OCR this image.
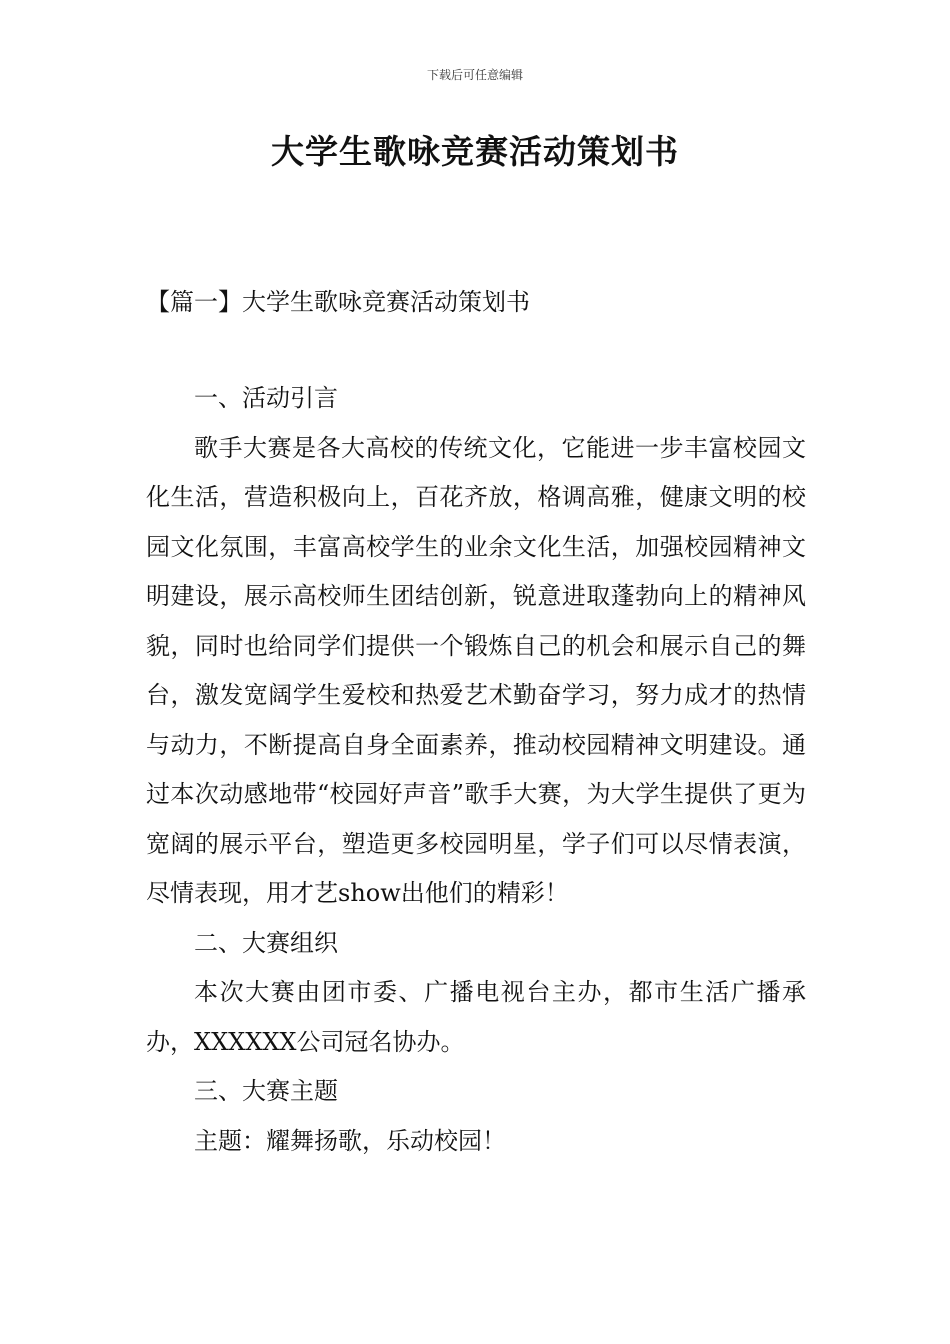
下载后可任意编辑
大学生歌咏竞赛活动策划书
【篇一】大学生歌咏竞赛活动策划书

一、活动引言

歌手大赛是各大高校的传统文化，它能进一步丰富校园文化生活，营造积极向上，百花齐放，格调高雅，健康文明的校园文化氛围，丰富高校学生的业余文化生活，加强校园精神文明建设，展示高校师生团结创新，锐意进取蓬勃向上的精神风貌，同时也给同学们提供一个锻炼自己的机会和展示自己的舞台，激发宽阔学生爱校和热爱艺术勤奋学习，努力成才的热情与动力，不断提高自身全面素养，推动校园精神文明建设。通过本次动感地带“校园好声音”歌手大赛，为大学生提供了更为宽阔的展示平台，塑造更多校园明星，学子们可以尽情表演，尽情表现，用才艺show出他们的精彩！

二、大赛组织

本次大赛由团市委、广播电视台主办，都市生活广播承办，XXXXXX公司冠名协办。

三、大赛主题

主题：耀舞扬歌，乐动校园！
